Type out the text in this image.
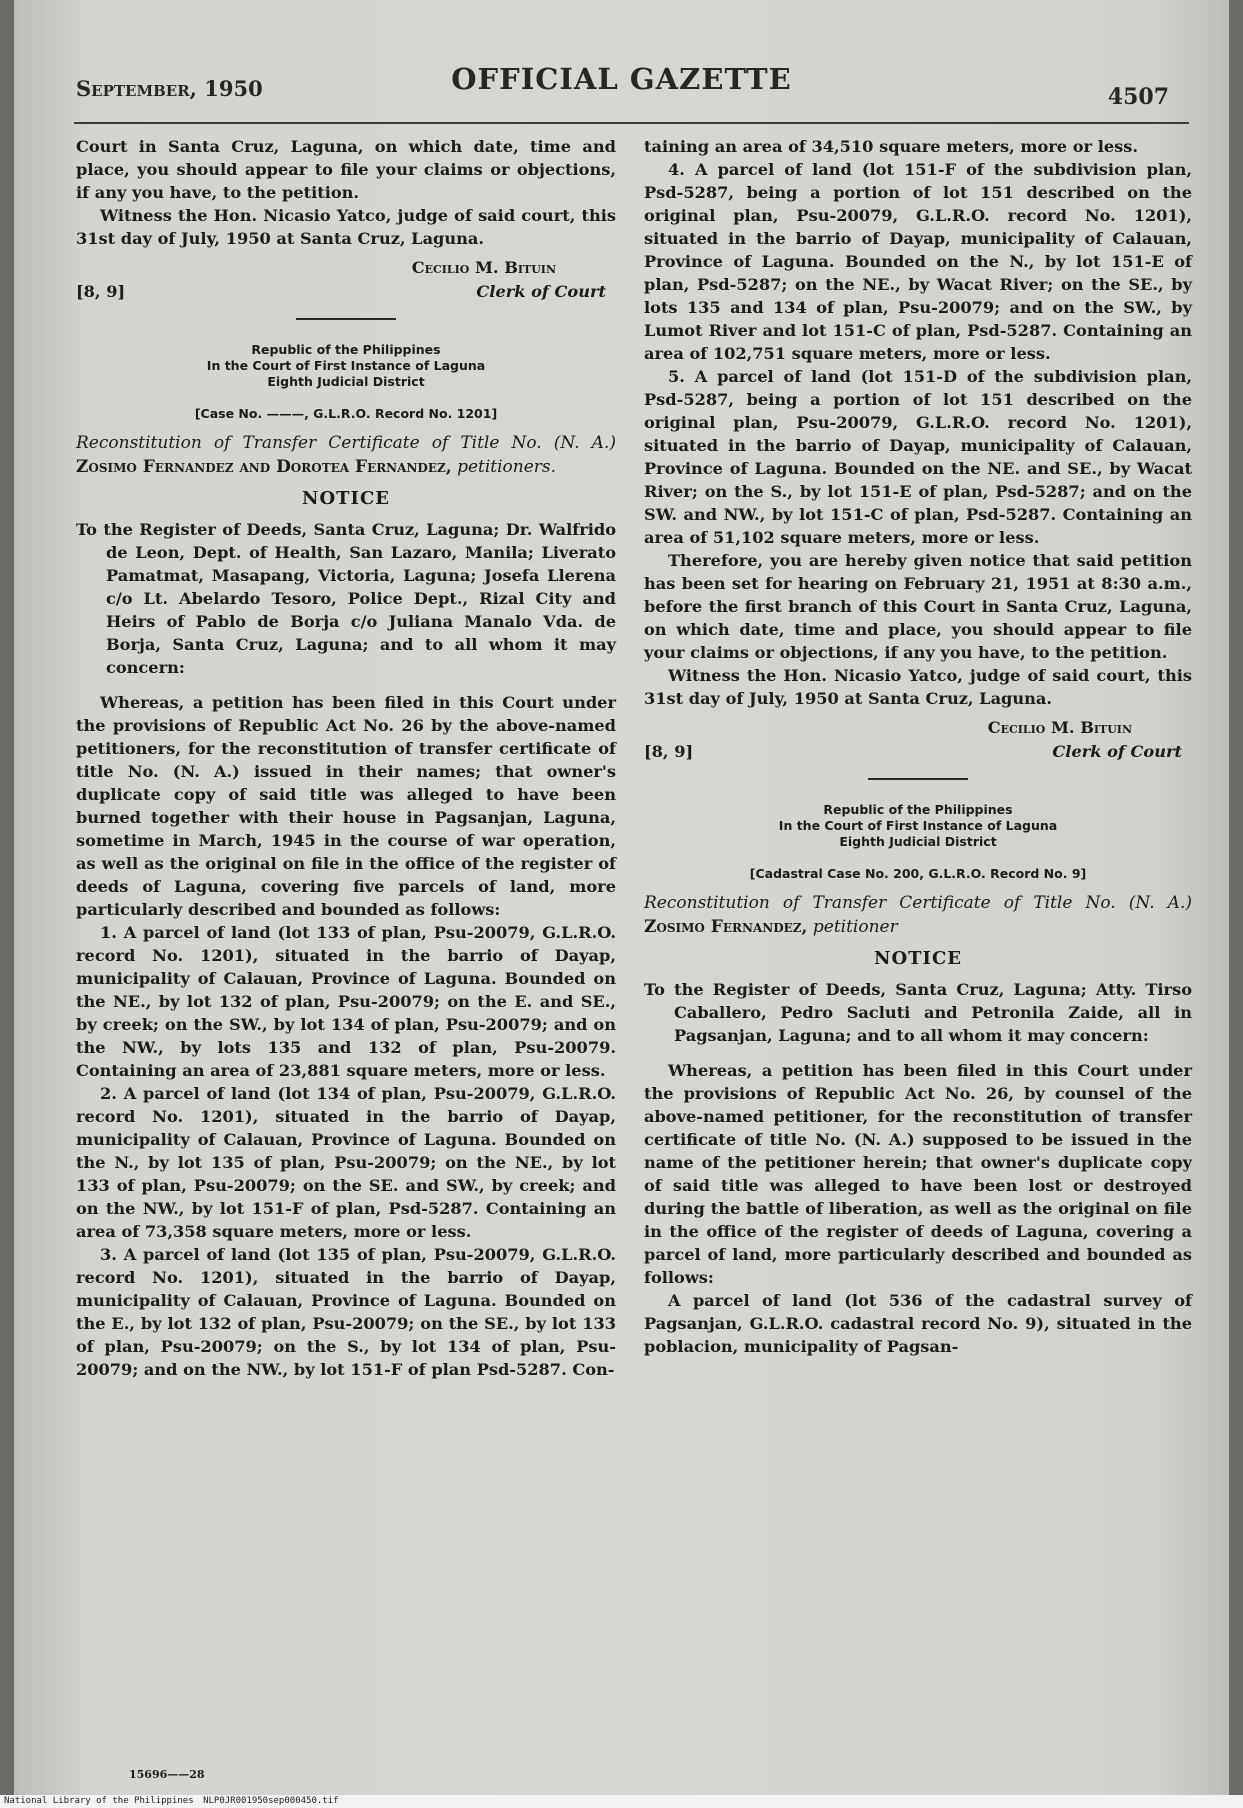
September, 1950	OFFICIAL GAZETTE
4507

Court in Santa Cruz, Laguna, on which date, time and place, you should appear to file your claims or objections, if any you have, to the petition.

Witness the Hon. Nicasio Yatco, judge of said court, this 31st day of July, 1950 at Santa Cruz, Laguna.

Cecilio M. Bituin
[8, 9]	Clerk of Court
Republic of the Philippines
In the Court of First Instance of Laguna
Eighth Judicial District
[Case No. ———, G.L.R.O. Record No. 1201]
Reconstitution of Transfer Certificate of Title No. (N. A.) Zosimo Fernandez and Dorotea Fernandez, petitioners.
NOTICE

To the Register of Deeds, Santa Cruz, Laguna; Dr. Walfrido de Leon, Dept. of Health, San Lazaro, Manila; Liverato Pamatmat, Masapang, Victoria, Laguna; Josefa Llerena c/o Lt. Abelardo Tesoro, Police Dept., Rizal City and Heirs of Pablo de Borja c/o Juliana Manalo Vda. de Borja, Santa Cruz, Laguna; and to all whom it may concern:

Whereas, a petition has been filed in this Court under the provisions of Republic Act No. 26 by the above-named petitioners, for the reconstitution of transfer certificate of title No. (N. A.) issued in their names; that owner's duplicate copy of said title was alleged to have been burned together with their house in Pagsanjan, Laguna, sometime in March, 1945 in the course of war operation, as well as the original on file in the office of the register of deeds of Laguna, covering five parcels of land, more particularly described and bounded as follows:

1. A parcel of land (lot 133 of plan, Psu-20079, G.L.R.O. record No. 1201), situated in the barrio of Dayap, municipality of Calauan, Province of Laguna. Bounded on the NE., by lot 132 of plan, Psu-20079; on the E. and SE., by creek; on the SW., by lot 134 of plan, Psu-20079; and on the NW., by lots 135 and 132 of plan, Psu-20079. Containing an area of 23,881 square meters, more or less.

2. A parcel of land (lot 134 of plan, Psu-20079, G.L.R.O. record No. 1201), situated in the barrio of Dayap, municipality of Calauan, Province of Laguna. Bounded on the N., by lot 135 of plan, Psu-20079; on the NE., by lot 133 of plan, Psu-20079; on the SE. and SW., by creek; and on the NW., by lot 151-F of plan, Psd-5287. Containing an area of 73,358 square meters, more or less.

3. A parcel of land (lot 135 of plan, Psu-20079, G.L.R.O. record No. 1201), situated in the barrio of Dayap, municipality of Calauan, Province of Laguna. Bounded on the E., by lot 132 of plan, Psu-20079; on the SE., by lot 133 of plan, Psu-20079; on the S., by lot 134 of plan, Psu-20079; and on the NW., by lot 151-F of plan Psd-5287. Con-

taining an area of 34,510 square meters, more or less.

4. A parcel of land (lot 151-F of the subdivision plan, Psd-5287, being a portion of lot 151 described on the original plan, Psu-20079, G.L.R.O. record No. 1201), situated in the barrio of Dayap, municipality of Calauan, Province of Laguna. Bounded on the N., by lot 151-E of plan, Psd-5287; on the NE., by Wacat River; on the SE., by lots 135 and 134 of plan, Psu-20079; and on the SW., by Lumot River and lot 151-C of plan, Psd-5287. Containing an area of 102,751 square meters, more or less.

5. A parcel of land (lot 151-D of the subdivision plan, Psd-5287, being a portion of lot 151 described on the original plan, Psu-20079, G.L.R.O. record No. 1201), situated in the barrio of Dayap, municipality of Calauan, Province of Laguna. Bounded on the NE. and SE., by Wacat River; on the S., by lot 151-E of plan, Psd-5287; and on the SW. and NW., by lot 151-C of plan, Psd-5287. Containing an area of 51,102 square meters, more or less.

Therefore, you are hereby given notice that said petition has been set for hearing on February 21, 1951 at 8:30 a.m., before the first branch of this Court in Santa Cruz, Laguna, on which date, time and place, you should appear to file your claims or objections, if any you have, to the petition.

Witness the Hon. Nicasio Yatco, judge of said court, this 31st day of July, 1950 at Santa Cruz, Laguna.

Cecilio M. Bituin
[8, 9]	Clerk of Court
Republic of the Philippines
In the Court of First Instance of Laguna
Eighth Judicial District
[Cadastral Case No. 200, G.L.R.O. Record No. 9]
Reconstitution of Transfer Certificate of Title No. (N. A.) Zosimo Fernandez, petitioner
NOTICE

To the Register of Deeds, Santa Cruz, Laguna; Atty. Tirso Caballero, Pedro Sacluti and Petronila Zaide, all in Pagsanjan, Laguna; and to all whom it may concern:

Whereas, a petition has been filed in this Court under the provisions of Republic Act No. 26, by counsel of the above-named petitioner, for the reconstitution of transfer certificate of title No. (N. A.) supposed to be issued in the name of the petitioner herein; that owner's duplicate copy of said title was alleged to have been lost or destroyed during the battle of liberation, as well as the original on file in the office of the register of deeds of Laguna, covering a parcel of land, more particularly described and bounded as follows:

A parcel of land (lot 536 of the cadastral survey of Pagsanjan, G.L.R.O. cadastral record No. 9), situated in the poblacion, municipality of Pagsan-

15696——28
National Library of the Philippines NLP0JR001950sep000450.tif
